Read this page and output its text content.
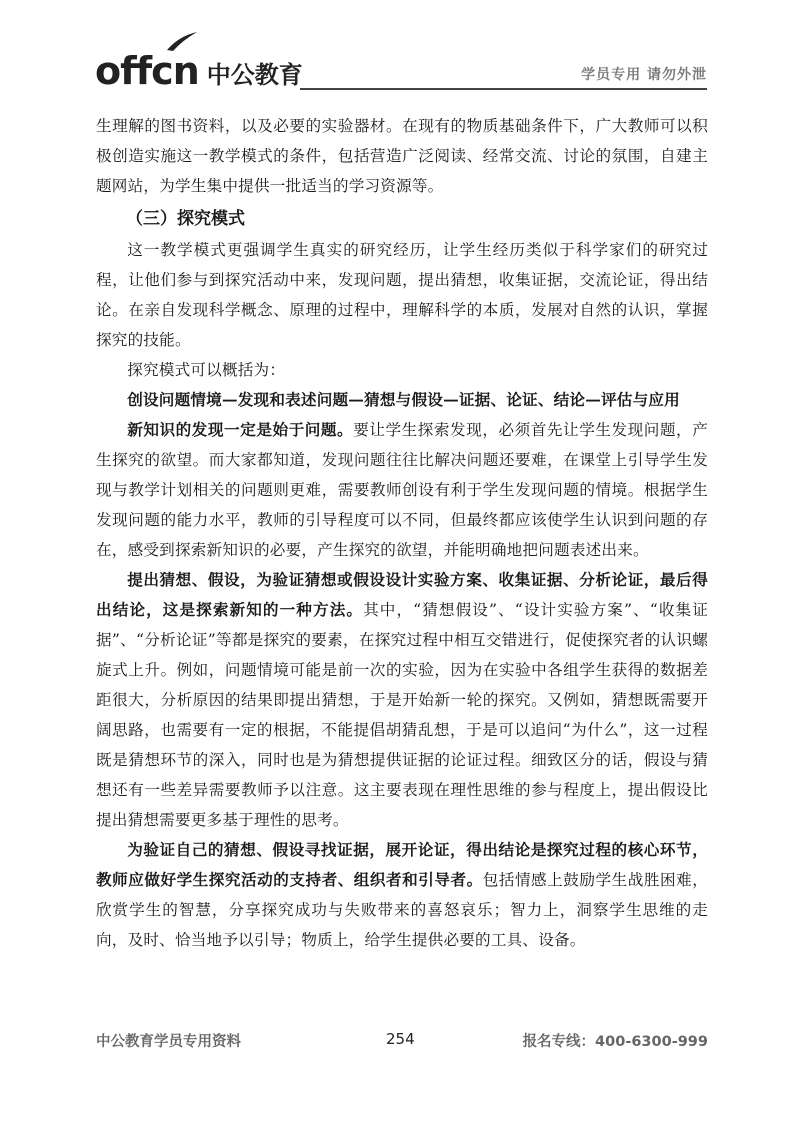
offcn 中公教育	学员专用 请勿外泄

生理解的图书资料，以及必要的实验器材。在现有的物质基础条件下，广大教师可以积极创造实施这一教学模式的条件，包括营造广泛阅读、经常交流、讨论的氛围，自建主题网站，为学生集中提供一批适当的学习资源等。

（三）探究模式

这一教学模式更强调学生真实的研究经历，让学生经历类似于科学家们的研究过程，让他们参与到探究活动中来，发现问题，提出猜想，收集证据，交流论证，得出结论。在亲自发现科学概念、原理的过程中，理解科学的本质，发展对自然的认识，掌握探究的技能。

探究模式可以概括为：

创设问题情境—发现和表述问题—猜想与假设—证据、论证、结论—评估与应用

新知识的发现一定是始于问题。要让学生探索发现，必须首先让学生发现问题，产生探究的欲望。而大家都知道，发现问题往往比解决问题还要难，在课堂上引导学生发现与教学计划相关的问题则更难，需要教师创设有利于学生发现问题的情境。根据学生发现问题的能力水平，教师的引导程度可以不同，但最终都应该使学生认识到问题的存在，感受到探索新知识的必要，产生探究的欲望，并能明确地把问题表述出来。

提出猜想、假设，为验证猜想或假设设计实验方案、收集证据、分析论证，最后得出结论，这是探索新知的一种方法。其中，“猜想假设”、“设计实验方案”、“收集证据”、“分析论证”等都是探究的要素，在探究过程中相互交错进行，促使探究者的认识螺旋式上升。例如，问题情境可能是前一次的实验，因为在实验中各组学生获得的数据差距很大，分析原因的结果即提出猜想，于是开始新一轮的探究。又例如，猜想既需要开阔思路，也需要有一定的根据，不能提倡胡猜乱想，于是可以追问“为什么”，这一过程既是猜想环节的深入，同时也是为猜想提供证据的论证过程。细致区分的话，假设与猜想还有一些差异需要教师予以注意。这主要表现在理性思维的参与程度上，提出假设比提出猜想需要更多基于理性的思考。

为验证自己的猜想、假设寻找证据，展开论证，得出结论是探究过程的核心环节，教师应做好学生探究活动的支持者、组织者和引导者。包括情感上鼓励学生战胜困难，欣赏学生的智慧，分享探究成功与失败带来的喜怒哀乐；智力上，洞察学生思维的走向，及时、恰当地予以引导；物质上，给学生提供必要的工具、设备。

中公教育学员专用资料	254	报名专线：400-6300-999
